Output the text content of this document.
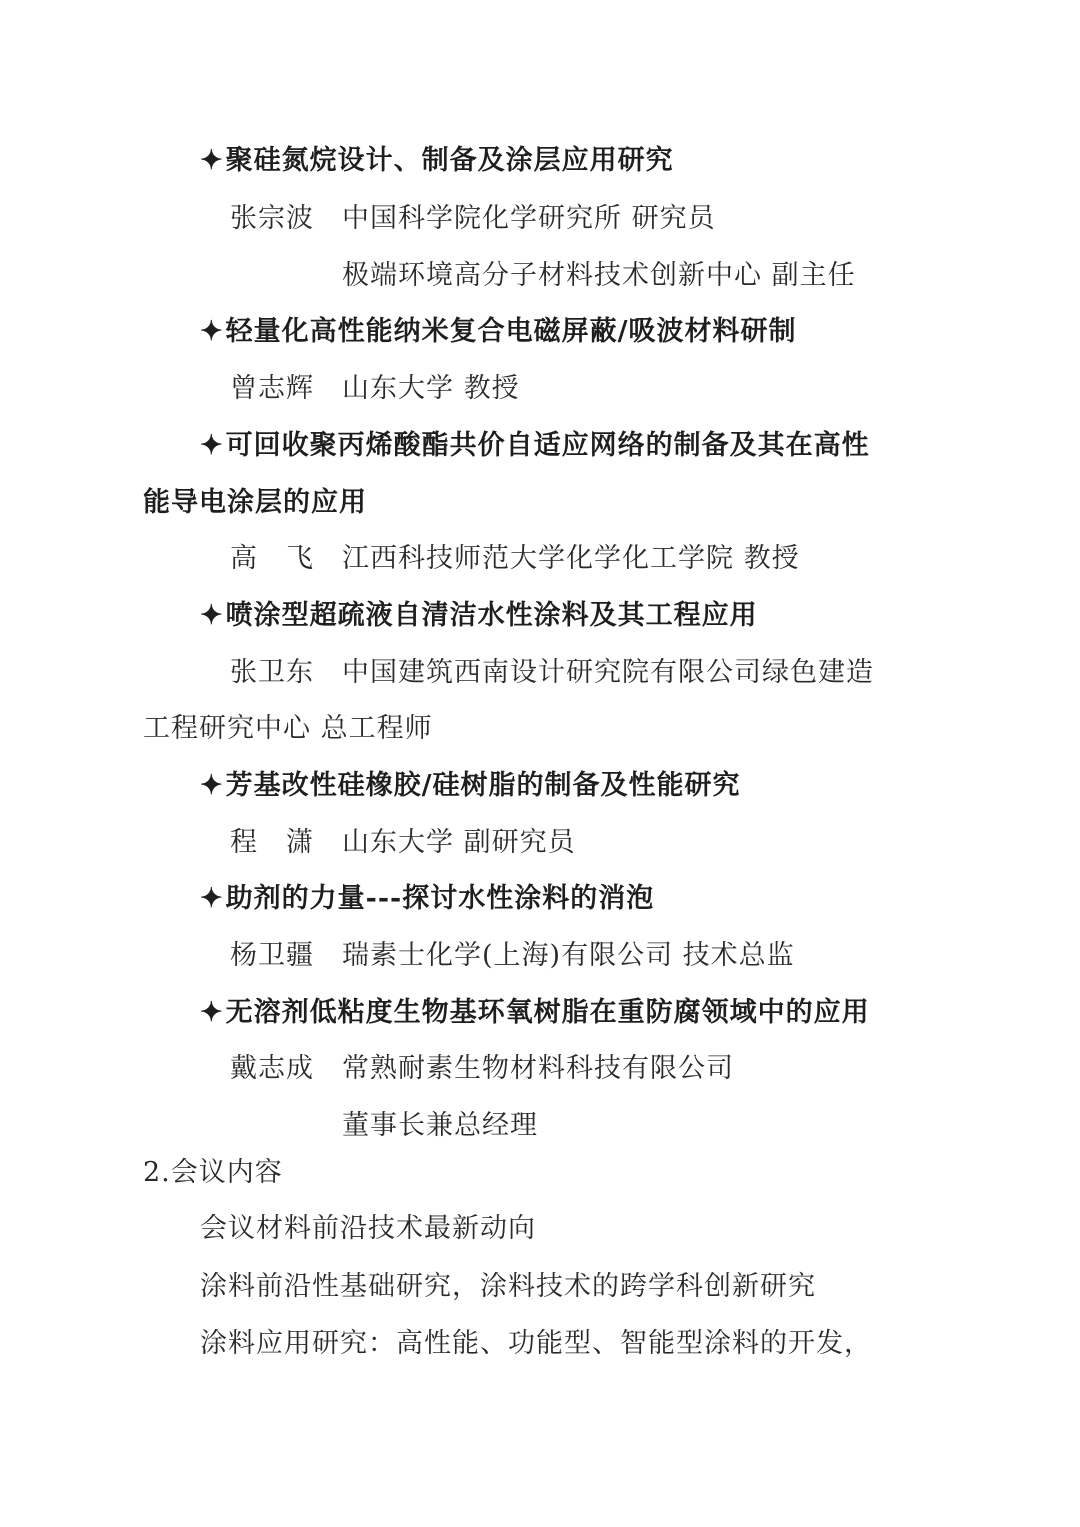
✦聚硅氮烷设计、制备及涂层应用研究
张宗波 中国科学院化学研究所 研究员
极端环境高分子材料技术创新中心 副主任
✦轻量化高性能纳米复合电磁屏蔽/吸波材料研制
曾志辉 山东大学 教授
✦可回收聚丙烯酸酯共价自适应网络的制备及其在高性
能导电涂层的应用
高　飞 江西科技师范大学化学化工学院 教授
✦喷涂型超疏液自清洁水性涂料及其工程应用
张卫东 中国建筑西南设计研究院有限公司绿色建造
工程研究中心 总工程师
✦芳基改性硅橡胶/硅树脂的制备及性能研究
程　潇 山东大学 副研究员
✦助剂的力量---探讨水性涂料的消泡
杨卫疆 瑞素士化学(上海)有限公司 技术总监
✦无溶剂低粘度生物基环氧树脂在重防腐领域中的应用
戴志成 常熟耐素生物材料科技有限公司
董事长兼总经理
2.会议内容
会议材料前沿技术最新动向
涂料前沿性基础研究，涂料技术的跨学科创新研究
涂料应用研究：高性能、功能型、智能型涂料的开发，
